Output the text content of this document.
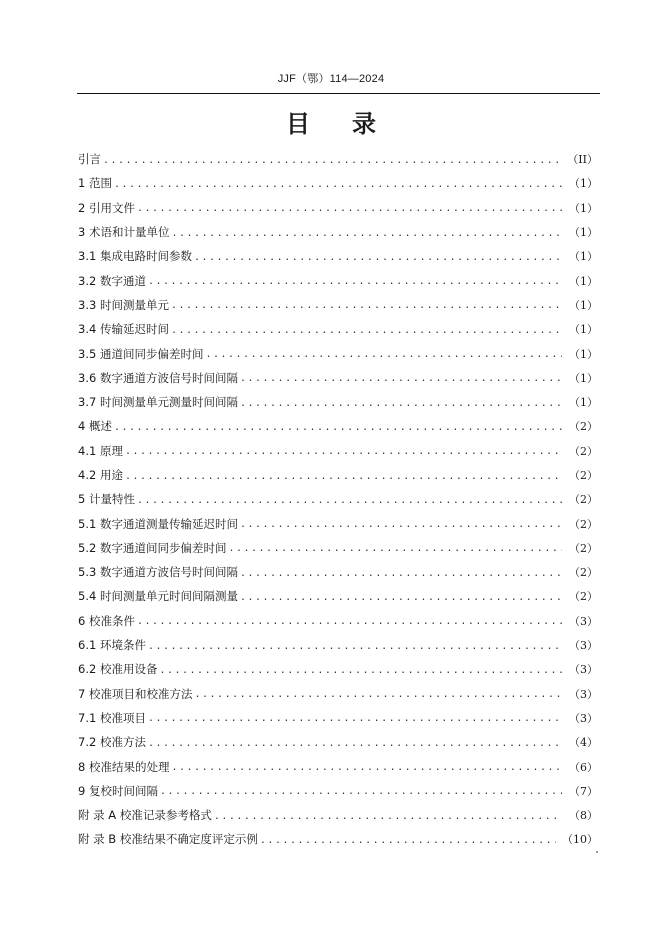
JJF（鄂）114—2024
目录
引言 .....	（II）
1 范围 .....	（1）
2 引用文件 .....	（1）
3 术语和计量单位 .....	（1）
3.1 集成电路时间参数 .....	（1）
3.2 数字通道 .....	（1）
3.3 时间测量单元 .....	（1）
3.4 传输延迟时间 .....	（1）
3.5 通道间同步偏差时间 .....	（1）
3.6 数字通道方波信号时间间隔 .....	（1）
3.7 时间测量单元测量时间间隔 .....	（1）
4 概述 .....	（2）
4.1 原理 .....	（2）
4.2 用途 .....	（2）
5 计量特性 .....	（2）
5.1 数字通道测量传输延迟时间 .....	（2）
5.2 数字通道间同步偏差时间 .....	（2）
5.3 数字通道方波信号时间间隔 .....	（2）
5.4 时间测量单元时间间隔测量 .....	（2）
6 校准条件 .....	（3）
6.1 环境条件 .....	（3）
6.2 校准用设备 .....	（3）
7 校准项目和校准方法 .....	（3）
7.1 校准项目 .....	（3）
7.2 校准方法 .....	（4）
8 校准结果的处理 .....	（6）
9 复校时间间隔 .....	（7）
附 录 A 校准记录参考格式 .....	（8）
附 录 B 校准结果不确定度评定示例 .....	（10）
